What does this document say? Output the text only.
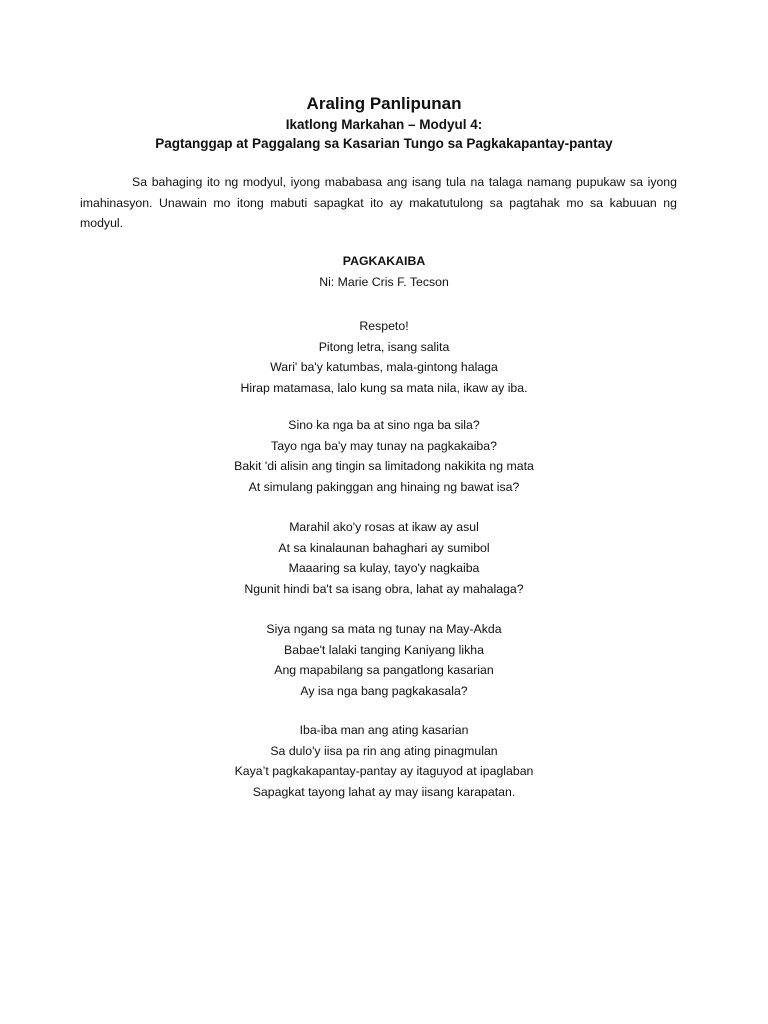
Araling Panlipunan
Ikatlong Markahan – Modyul 4:
Pagtanggap at Paggalang sa Kasarian Tungo sa Pagkakapantay-pantay

Sa bahaging ito ng modyul, iyong mababasa ang isang tula na talaga namang pupukaw sa iyong imahinasyon. Unawain mo itong mabuti sapagkat ito ay makatutulong sa pagtahak mo sa kabuuan ng modyul.

PAGKAKAIBA
Ni: Marie Cris F. Tecson
Respeto!
Pitong letra, isang salita
Wari' ba'y katumbas, mala-gintong halaga
Hirap matamasa, lalo kung sa mata nila, ikaw ay iba.
Sino ka nga ba at sino nga ba sila?
Tayo nga ba'y may tunay na pagkakaiba?
Bakit 'di alisin ang tingin sa limitadong nakikita ng mata
At simulang pakinggan ang hinaing ng bawat isa?
Marahil ako'y rosas at ikaw ay asul
At sa kinalaunan bahaghari ay sumibol
Maaaring sa kulay, tayo'y nagkaiba
Ngunit hindi ba't sa isang obra, lahat ay mahalaga?
Siya ngang sa mata ng tunay na May-Akda
Babae't lalaki tanging Kaniyang likha
Ang mapabilang sa pangatlong kasarian
Ay isa nga bang pagkakasala?
Iba-iba man ang ating kasarian
Sa dulo'y iisa pa rin ang ating pinagmulan
Kaya’t pagkakapantay-pantay ay itaguyod at ipaglaban
Sapagkat tayong lahat ay may iisang karapatan.
